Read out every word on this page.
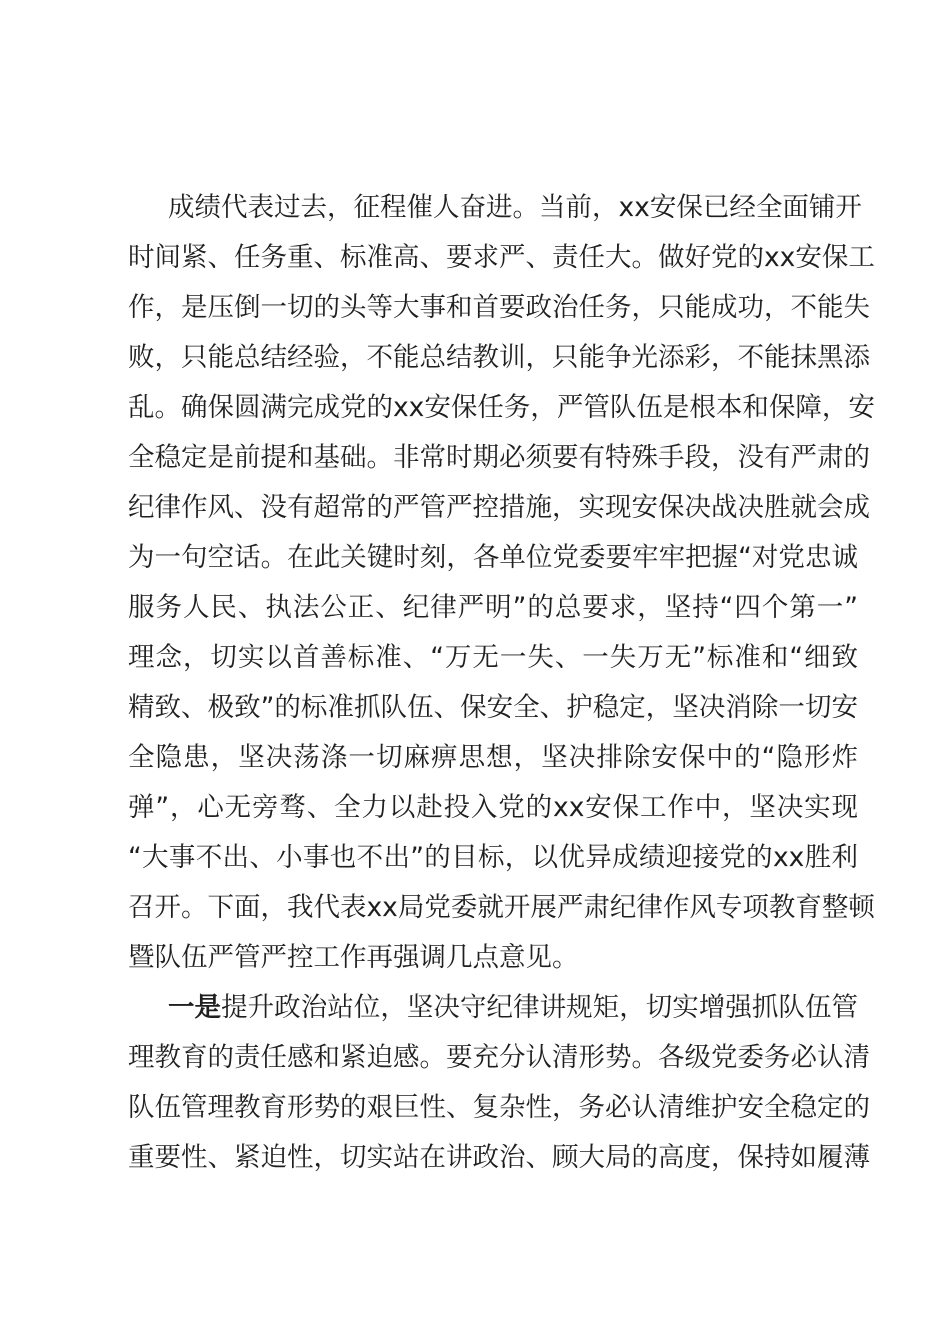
成绩代表过去，征程催人奋进。当前，xx安保已经全面铺开
时间紧、任务重、标准高、要求严、责任大。做好党的xx安保工
作，是压倒一切的头等大事和首要政治任务，只能成功，不能失
败，只能总结经验，不能总结教训，只能争光添彩，不能抹黑添
乱。确保圆满完成党的xx安保任务，严管队伍是根本和保障，安
全稳定是前提和基础。非常时期必须要有特殊手段，没有严肃的
纪律作风、没有超常的严管严控措施，实现安保决战决胜就会成
为一句空话。在此关键时刻，各单位党委要牢牢把握“对党忠诚
服务人民、执法公正、纪律严明”的总要求，坚持“四个第一”
理念，切实以首善标准、“万无一失、一失万无”标准和“细致
精致、极致”的标准抓队伍、保安全、护稳定，坚决消除一切安
全隐患，坚决荡涤一切麻痹思想，坚决排除安保中的“隐形炸
弹”，心无旁骛、全力以赴投入党的xx安保工作中，坚决实现
“大事不出、小事也不出”的目标，以优异成绩迎接党的xx胜利
召开。下面，我代表xx局党委就开展严肃纪律作风专项教育整顿
暨队伍严管严控工作再强调几点意见。
一是提升政治站位，坚决守纪律讲规矩，切实增强抓队伍管
理教育的责任感和紧迫感。要充分认清形势。各级党委务必认清
队伍管理教育形势的艰巨性、复杂性，务必认清维护安全稳定的
重要性、紧迫性，切实站在讲政治、顾大局的高度，保持如履薄
